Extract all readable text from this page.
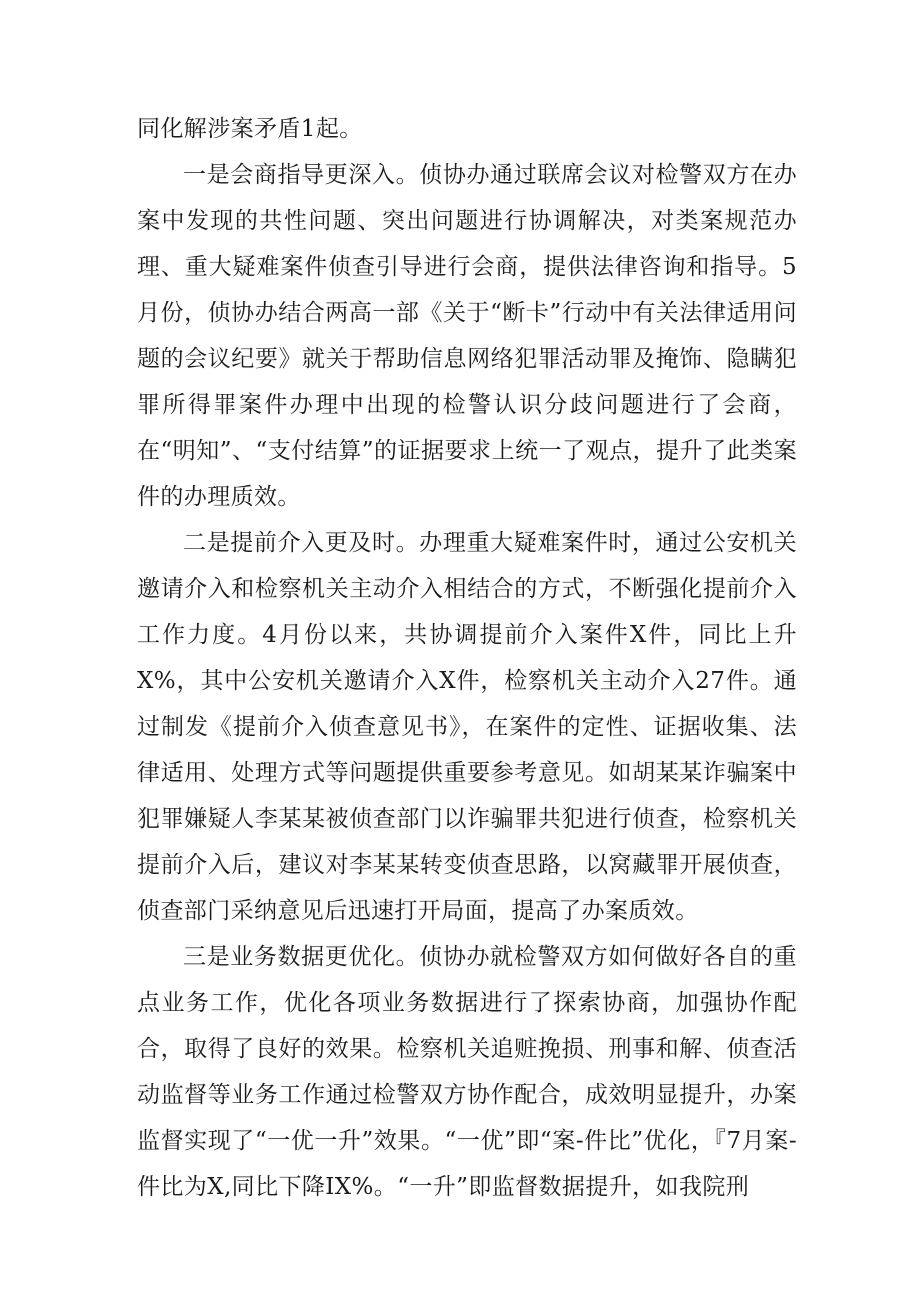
同化解涉案矛盾1起。

一是会商指导更深入。侦协办通过联席会议对检警双方在办案中发现的共性问题、突出问题进行协调解决，对类案规范办理、重大疑难案件侦查引导进行会商，提供法律咨询和指导。5月份，侦协办结合两高一部《关于“断卡”行动中有关法律适用问题的会议纪要》就关于帮助信息网络犯罪活动罪及掩饰、隐瞒犯罪所得罪案件办理中出现的检警认识分歧问题进行了会商，在“明知”、“支付结算”的证据要求上统一了观点，提升了此类案件的办理质效。

二是提前介入更及时。办理重大疑难案件时，通过公安机关邀请介入和检察机关主动介入相结合的方式，不断强化提前介入工作力度。4月份以来，共协调提前介入案件X件，同比上升X%，其中公安机关邀请介入X件，检察机关主动介入27件。通过制发《提前介入侦查意见书》，在案件的定性、证据收集、法律适用、处理方式等问题提供重要参考意见。如胡某某诈骗案中犯罪嫌疑人李某某被侦查部门以诈骗罪共犯进行侦查，检察机关提前介入后，建议对李某某转变侦查思路，以窝藏罪开展侦查，侦查部门采纳意见后迅速打开局面，提高了办案质效。

三是业务数据更优化。侦协办就检警双方如何做好各自的重点业务工作，优化各项业务数据进行了探索协商，加强协作配合，取得了良好的效果。检察机关追赃挽损、刑事和解、侦查活动监督等业务工作通过检警双方协作配合，成效明显提升，办案监督实现了“一优一升”效果。“一优”即“案-件比”优化，『7月案-件比为X,同比下降IX%。“一升”即监督数据提升，如我院刑
